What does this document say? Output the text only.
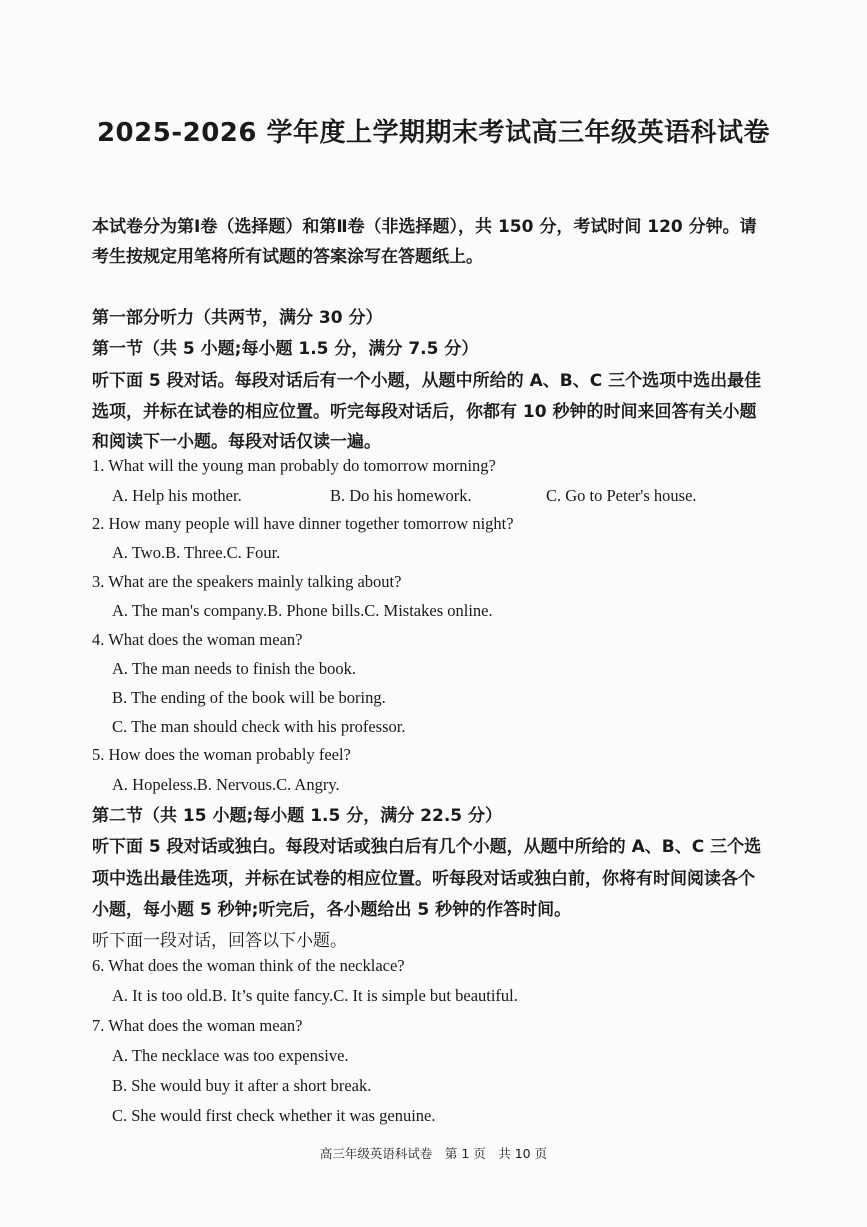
2025-2026 学年度上学期期末考试高三年级英语科试卷
本试卷分为第Ⅰ卷（选择题）和第Ⅱ卷（非选择题），共 150 分，考试时间 120 分钟。请
考生按规定用笔将所有试题的答案涂写在答题纸上。
第一部分听力（共两节，满分 30 分）
第一节（共 5 小题;每小题 1.5 分，满分 7.5 分）
听下面 5 段对话。每段对话后有一个小题，从题中所给的 A、B、C 三个选项中选出最佳
选项，并标在试卷的相应位置。听完每段对话后，你都有 10 秒钟的时间来回答有关小题
和阅读下一小题。每段对话仅读一遍。
1. What will the young man probably do tomorrow morning?
A. Help his mother.	B. Do his homework.	C. Go to Peter's house.
2. How many people will have dinner together tomorrow night?
A. Two.B. Three.C. Four.
3. What are the speakers mainly talking about?
A. The man's company.B. Phone bills.C. Mistakes online.
4. What does the woman mean?
A. The man needs to finish the book.
B. The ending of the book will be boring.
C. The man should check with his professor.
5. How does the woman probably feel?
A. Hopeless.B. Nervous.C. Angry.
第二节（共 15 小题;每小题 1.5 分，满分 22.5 分）
听下面 5 段对话或独白。每段对话或独白后有几个小题，从题中所给的 A、B、C 三个选
项中选出最佳选项，并标在试卷的相应位置。听每段对话或独白前，你将有时间阅读各个
小题，每小题 5 秒钟;听完后，各小题给出 5 秒钟的作答时间。
听下面一段对话，回答以下小题。
6. What does the woman think of the necklace?
A. It is too old.B. It’s quite fancy.C. It is simple but beautiful.
7. What does the woman mean?
A. The necklace was too expensive.
B. She would buy it after a short break.
C. She would first check whether it was genuine.
高三年级英语科试卷　第 1 页　共 10 页
